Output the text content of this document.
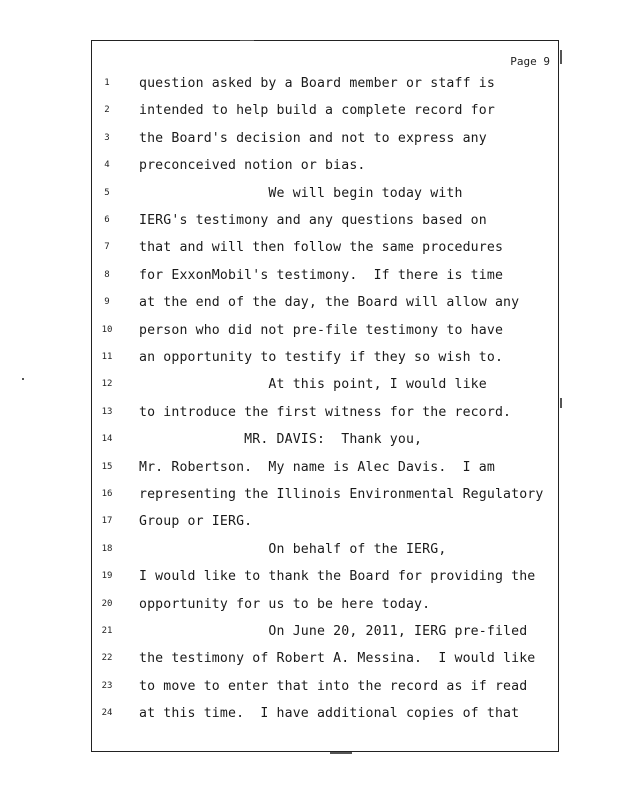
Page 9
1	question asked by a Board member or staff is
2	intended to help build a complete record for
3	the Board's decision and not to express any
4	preconceived notion or bias.
5	We will begin today with
6	IERG's testimony and any questions based on
7	that and will then follow the same procedures
8	for ExxonMobil's testimony.  If there is time
9	at the end of the day, the Board will allow any
10	person who did not pre-file testimony to have
11	an opportunity to testify if they so wish to.
12	At this point, I would like
13	to introduce the first witness for the record.
14	MR. DAVIS:  Thank you,
15	Mr. Robertson.  My name is Alec Davis.  I am
16	representing the Illinois Environmental Regulatory
17	Group or IERG.
18	On behalf of the IERG,
19	I would like to thank the Board for providing the
20	opportunity for us to be here today.
21	On June 20, 2011, IERG pre-filed
22	the testimony of Robert A. Messina.  I would like
23	to move to enter that into the record as if read
24	at this time.  I have additional copies of that
